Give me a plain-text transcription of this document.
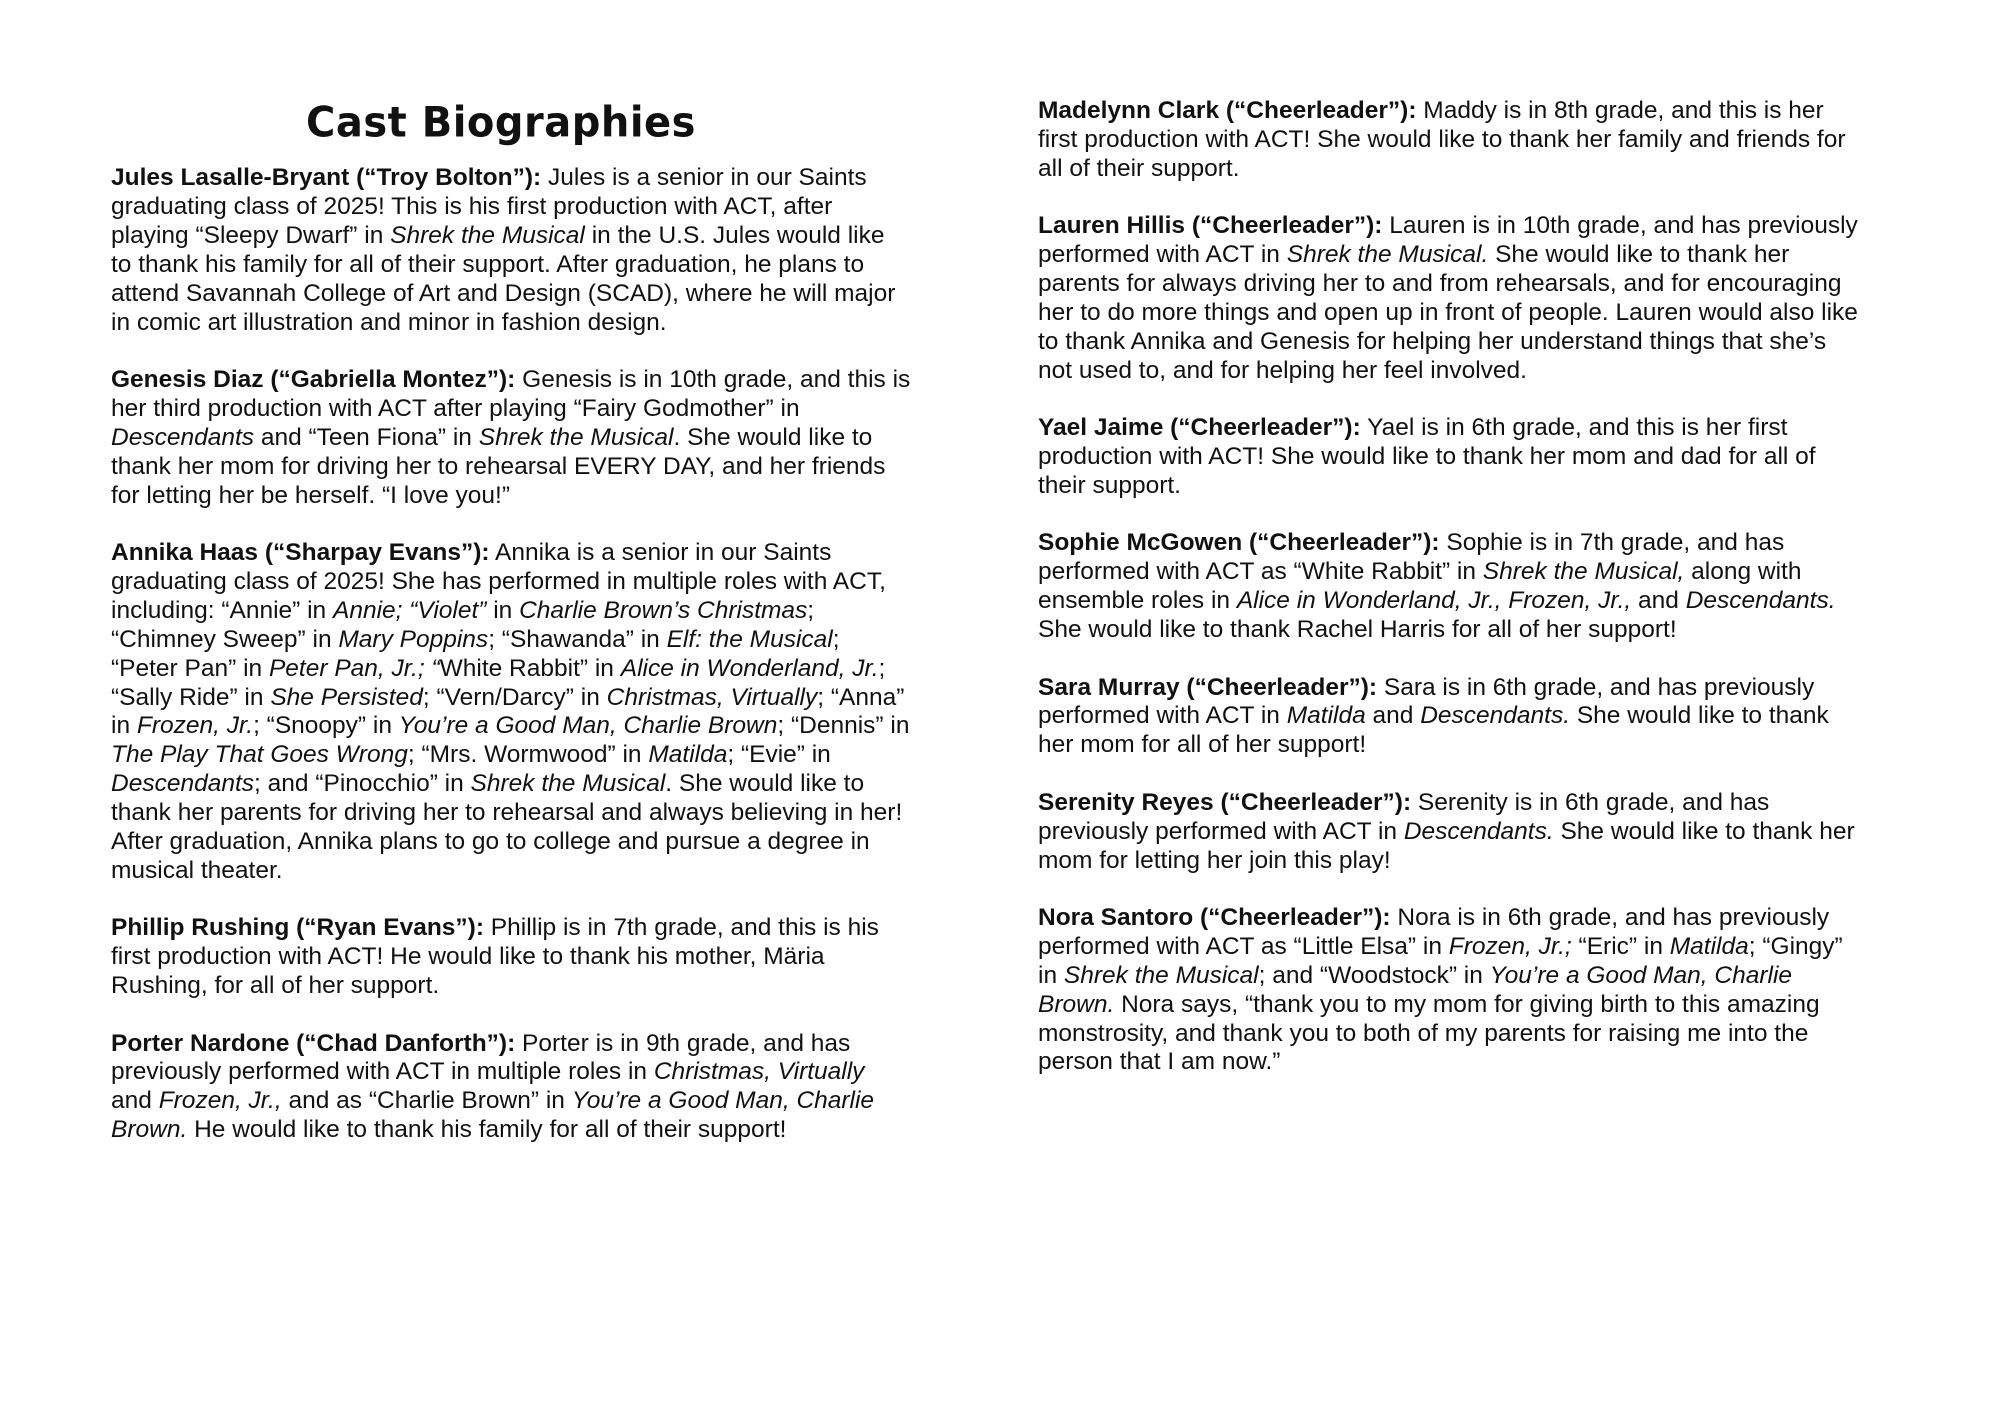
Cast Biographies

Jules Lasalle-Bryant (“Troy Bolton”): Jules is a senior in our Saints graduating class of 2025! This is his first production with ACT, after playing “Sleepy Dwarf” in Shrek the Musical in the U.S. Jules would like to thank his family for all of their support. After graduation, he plans to attend Savannah College of Art and Design (SCAD), where he will major in comic art illustration and minor in fashion design.

Genesis Diaz (“Gabriella Montez”): Genesis is in 10th grade, and this is her third production with ACT after playing “Fairy Godmother” in Descendants and “Teen Fiona” in Shrek the Musical. She would like to thank her mom for driving her to rehearsal EVERY DAY, and her friends for letting her be herself. “I love you!”

Annika Haas (“Sharpay Evans”): Annika is a senior in our Saints graduating class of 2025! She has performed in multiple roles with ACT, including: “Annie” in Annie; “Violet” in Charlie Brown’s Christmas; “Chimney Sweep” in Mary Poppins; “Shawanda” in Elf: the Musical; “Peter Pan” in Peter Pan, Jr.; “White Rabbit” in Alice in Wonderland, Jr.; “Sally Ride” in She Persisted; “Vern/Darcy” in Christmas, Virtually; “Anna” in Frozen, Jr.; “Snoopy” in You’re a Good Man, Charlie Brown; “Dennis” in The Play That Goes Wrong; “Mrs. Wormwood” in Matilda; “Evie” in Descendants; and “Pinocchio” in Shrek the Musical. She would like to thank her parents for driving her to rehearsal and always believing in her! After graduation, Annika plans to go to college and pursue a degree in musical theater.

Phillip Rushing (“Ryan Evans”): Phillip is in 7th grade, and this is his first production with ACT! He would like to thank his mother, Märia Rushing, for all of her support.

Porter Nardone (“Chad Danforth”): Porter is in 9th grade, and has previously performed with ACT in multiple roles in Christmas, Virtually and Frozen, Jr., and as “Charlie Brown” in You’re a Good Man, Charlie Brown. He would like to thank his family for all of their support!

Madelynn Clark (“Cheerleader”): Maddy is in 8th grade, and this is her first production with ACT! She would like to thank her family and friends for all of their support.

Lauren Hillis (“Cheerleader”): Lauren is in 10th grade, and has previously performed with ACT in Shrek the Musical. She would like to thank her parents for always driving her to and from rehearsals, and for encouraging her to do more things and open up in front of people. Lauren would also like to thank Annika and Genesis for helping her understand things that she’s not used to, and for helping her feel involved.

Yael Jaime (“Cheerleader”): Yael is in 6th grade, and this is her first production with ACT! She would like to thank her mom and dad for all of their support.

Sophie McGowen (“Cheerleader”): Sophie is in 7th grade, and has performed with ACT as “White Rabbit” in Shrek the Musical, along with ensemble roles in Alice in Wonderland, Jr., Frozen, Jr., and Descendants. She would like to thank Rachel Harris for all of her support!

Sara Murray (“Cheerleader”): Sara is in 6th grade, and has previously performed with ACT in Matilda and Descendants. She would like to thank her mom for all of her support!

Serenity Reyes (“Cheerleader”): Serenity is in 6th grade, and has previously performed with ACT in Descendants. She would like to thank her mom for letting her join this play!

Nora Santoro (“Cheerleader”): Nora is in 6th grade, and has previously performed with ACT as “Little Elsa” in Frozen, Jr.; “Eric” in Matilda; “Gingy” in Shrek the Musical; and “Woodstock” in You’re a Good Man, Charlie Brown. Nora says, “thank you to my mom for giving birth to this amazing monstrosity, and thank you to both of my parents for raising me into the person that I am now.”
